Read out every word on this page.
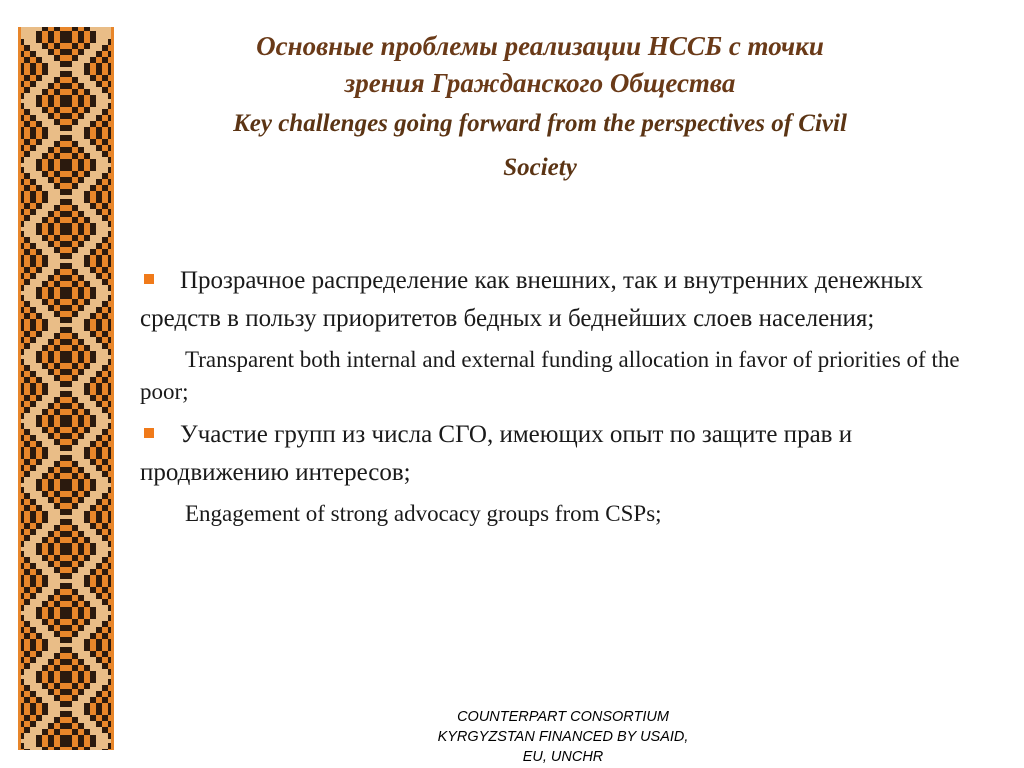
Основные проблемы реализации НССБ с точки
зрения Гражданского Общества

Key challenges going forward from the perspectives of Civil
Society

Прозрачное распределение как внешних, так и внутренних денежных средств в пользу приоритетов бедных и беднейших слоев населения;

Transparent both internal and external funding allocation in favor of priorities of the poor;

Участие групп из числа СГО, имеющих опыт по защите прав и продвижению интересов;

Engagement of strong advocacy groups from CSPs;

COUNTERPART CONSORTIUM
KYRGYZSTAN FINANCED BY USAID,
EU, UNCHR
